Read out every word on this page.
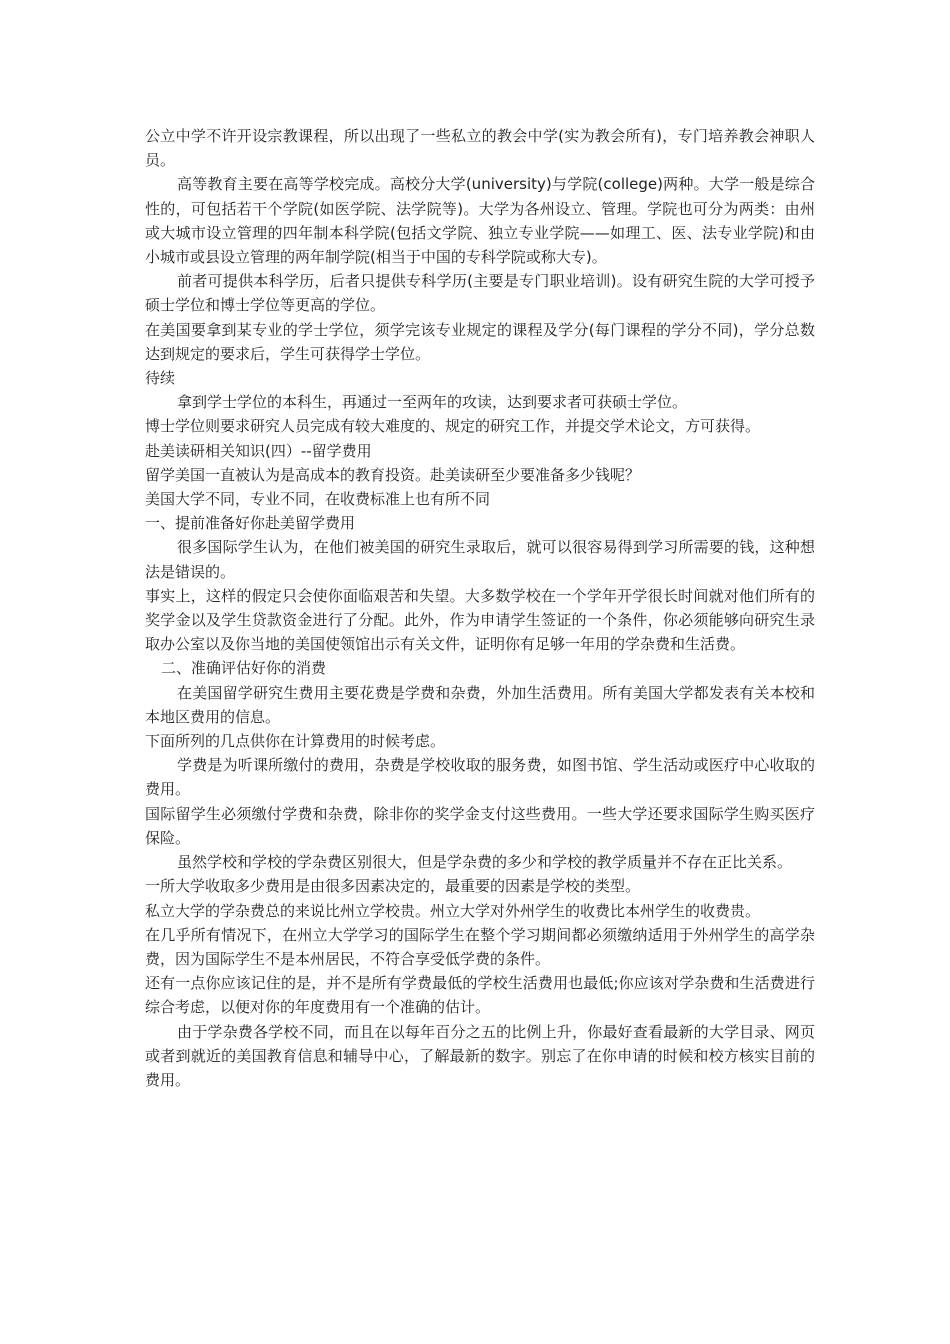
公立中学不许开设宗教课程，所以出现了一些私立的教会中学(实为教会所有)，专门培养教会神职人员。

高等教育主要在高等学校完成。高校分大学(university)与学院(college)两种。大学一般是综合性的，可包括若干个学院(如医学院、法学院等)。大学为各州设立、管理。学院也可分为两类：由州或大城市设立管理的四年制本科学院(包括文学院、独立专业学院——如理工、医、法专业学院)和由小城市或县设立管理的两年制学院(相当于中国的专科学院或称大专)。

前者可提供本科学历，后者只提供专科学历(主要是专门职业培训)。设有研究生院的大学可授予硕士学位和博士学位等更高的学位。

在美国要拿到某专业的学士学位，须学完该专业规定的课程及学分(每门课程的学分不同)，学分总数达到规定的要求后，学生可获得学士学位。

待续

拿到学士学位的本科生，再通过一至两年的攻读，达到要求者可获硕士学位。

博士学位则要求研究人员完成有较大难度的、规定的研究工作，并提交学术论文，方可获得。

赴美读研相关知识(四）--留学费用

留学美国一直被认为是高成本的教育投资。赴美读研至少要准备多少钱呢？

美国大学不同，专业不同，在收费标准上也有所不同

一、提前准备好你赴美留学费用

很多国际学生认为，在他们被美国的研究生录取后，就可以很容易得到学习所需要的钱，这种想法是错误的。

事实上，这样的假定只会使你面临艰苦和失望。大多数学校在一个学年开学很长时间就对他们所有的奖学金以及学生贷款资金进行了分配。此外，作为申请学生签证的一个条件，你必须能够向研究生录取办公室以及你当地的美国使领馆出示有关文件，证明你有足够一年用的学杂费和生活费。

二、准确评估好你的消费

在美国留学研究生费用主要花费是学费和杂费，外加生活费用。所有美国大学都发表有关本校和本地区费用的信息。

下面所列的几点供你在计算费用的时候考虑。

学费是为听课所缴付的费用，杂费是学校收取的服务费，如图书馆、学生活动或医疗中心收取的费用。

国际留学生必须缴付学费和杂费，除非你的奖学金支付这些费用。一些大学还要求国际学生购买医疗保险。

虽然学校和学校的学杂费区别很大，但是学杂费的多少和学校的教学质量并不存在正比关系。

一所大学收取多少费用是由很多因素决定的，最重要的因素是学校的类型。

私立大学的学杂费总的来说比州立学校贵。州立大学对外州学生的收费比本州学生的收费贵。

在几乎所有情况下，在州立大学学习的国际学生在整个学习期间都必须缴纳适用于外州学生的高学杂费，因为国际学生不是本州居民，不符合享受低学费的条件。

还有一点你应该记住的是，并不是所有学费最低的学校生活费用也最低;你应该对学杂费和生活费进行综合考虑，以便对你的年度费用有一个准确的估计。

由于学杂费各学校不同，而且在以每年百分之五的比例上升，你最好查看最新的大学目录、网页或者到就近的美国教育信息和辅导中心，了解最新的数字。别忘了在你申请的时候和校方核实目前的费用。
